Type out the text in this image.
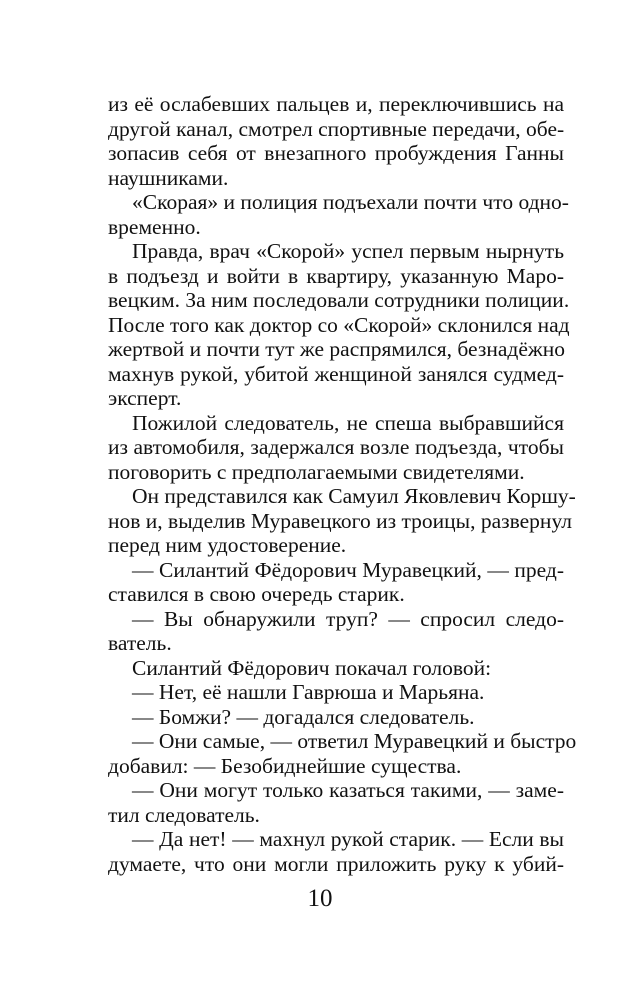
из её ослабевших пальцев и, переключившись на
другой канал, смотрел спортивные передачи, обе-
зопасив себя от внезапного пробуждения Ганны
наушниками.
«Скорая» и полиция подъехали почти что одно-
временно.
Правда, врач «Скорой» успел первым нырнуть
в подъезд и войти в квартиру, указанную Маро-
вецким. За ним последовали сотрудники полиции.
После того как доктор со «Скорой» склонился над
жертвой и почти тут же распрямился, безнадёжно
махнув рукой, убитой женщиной занялся судмед-
эксперт.
Пожилой следователь, не спеша выбравшийся
из автомобиля, задержался возле подъезда, чтобы
поговорить с предполагаемыми свидетелями.
Он представился как Самуил Яковлевич Коршу-
нов и, выделив Муравецкого из троицы, развернул
перед ним удостоверение.
— Силантий Фёдорович Муравецкий, — пред-
ставился в свою очередь старик.
— Вы обнаружили труп? — спросил следо-
ватель.
Силантий Фёдорович покачал головой:
— Нет, её нашли Гаврюша и Марьяна.
— Бомжи? — догадался следователь.
— Они самые, — ответил Муравецкий и быстро
добавил: — Безобиднейшие существа.
— Они могут только казаться такими, — заме-
тил следователь.
— Да нет! — махнул рукой старик. — Если вы
думаете, что они могли приложить руку к убий-
10
